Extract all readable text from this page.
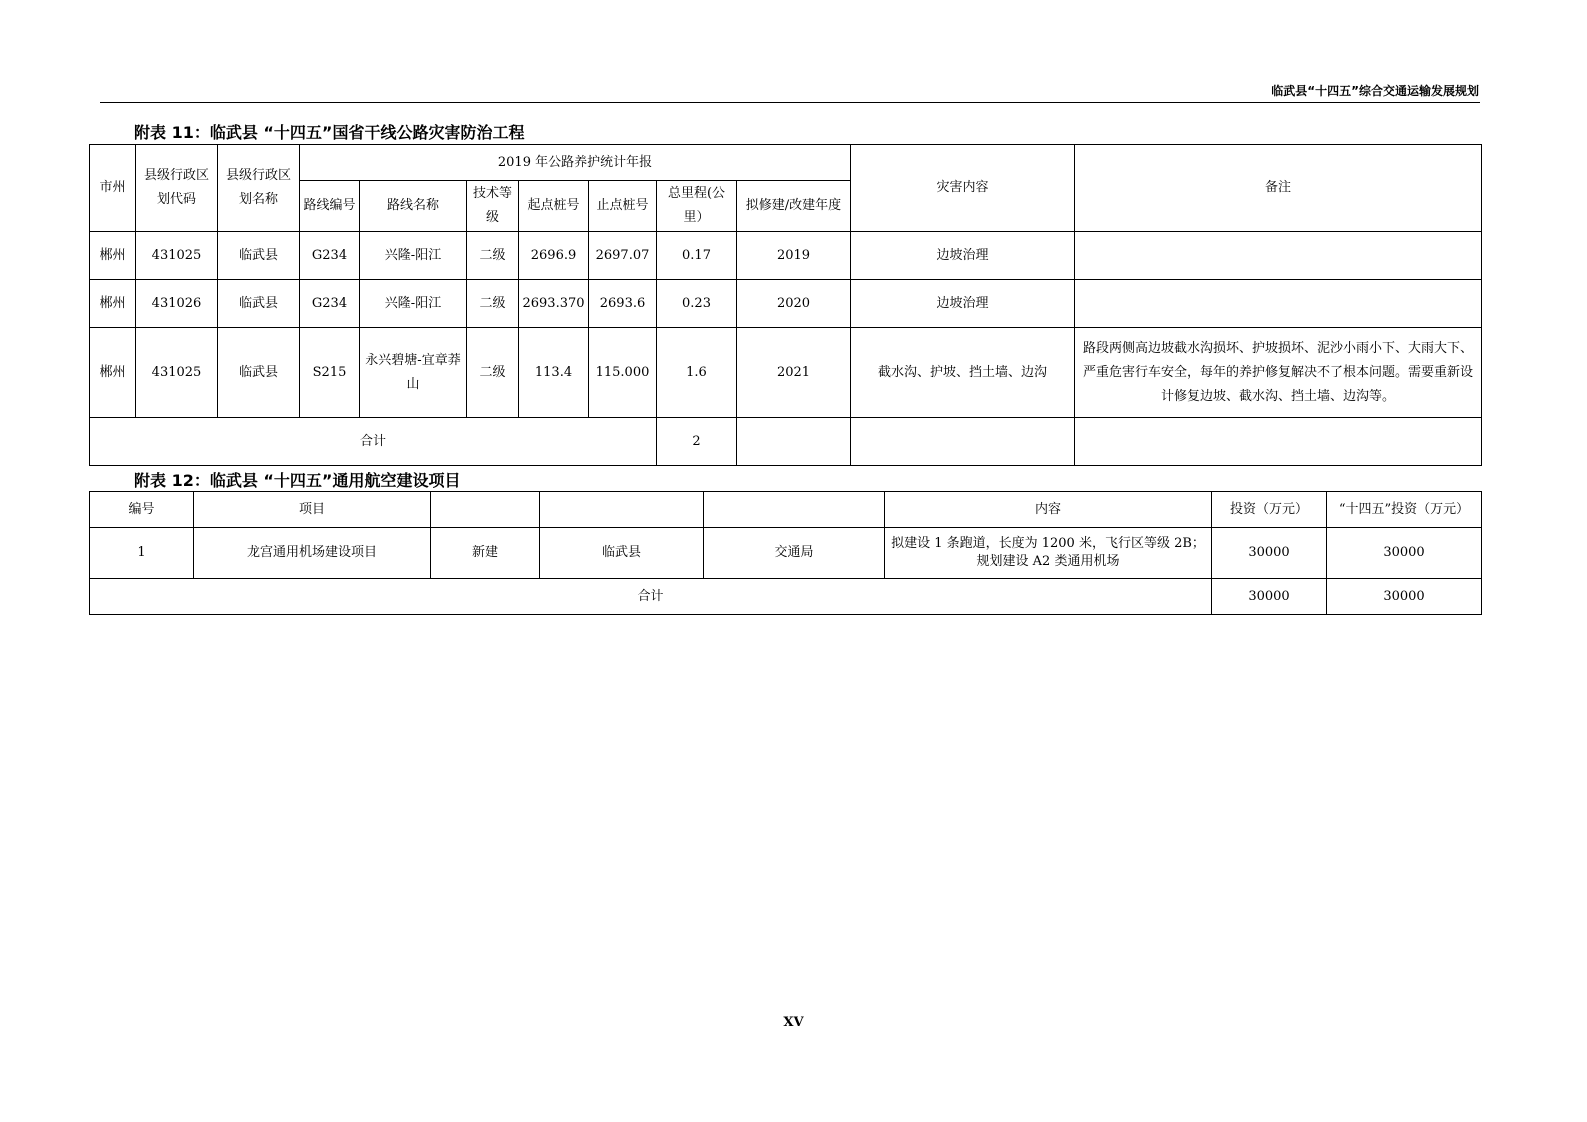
临武县“十四五”综合交通运输发展规划
附表 11：临武县 “十四五”国省干线公路灾害防治工程
市州	县级行政区划代码	县级行政区划名称	2019 年公路养护统计年报							灾害内容	备注
			路线编号	路线名称	技术等级	起点桩号	止点桩号	总里程(公里）	拟修建/改建年度		
郴州	431025	临武县	G234	兴隆-阳江	二级	2696.9	2697.07	0.17	2019	边坡治理	
郴州	431026	临武县	G234	兴隆-阳江	二级	2693.370	2693.6	0.23	2020	边坡治理	
郴州	431025	临武县	S215	永兴碧塘-宜章莽山	二级	113.4	115.000	1.6	2021	截水沟、护坡、挡土墙、边沟	路段两侧高边坡截水沟损坏、护坡损坏、泥沙小雨小下、大雨大下、严重危害行车安全，每年的养护修复解决不了根本问题。需要重新设计修复边坡、截水沟、挡土墙、边沟等。
合计								2			
附表 12：临武县 “十四五”通用航空建设项目
编号	项目				内容	投资（万元）	“十四五”投资（万元）
1	龙宫通用机场建设项目	新建	临武县	交通局	拟建设 1 条跑道，长度为 1200 米，飞行区等级 2B；规划建设 A2 类通用机场	30000	30000
合计						30000	30000
XV
